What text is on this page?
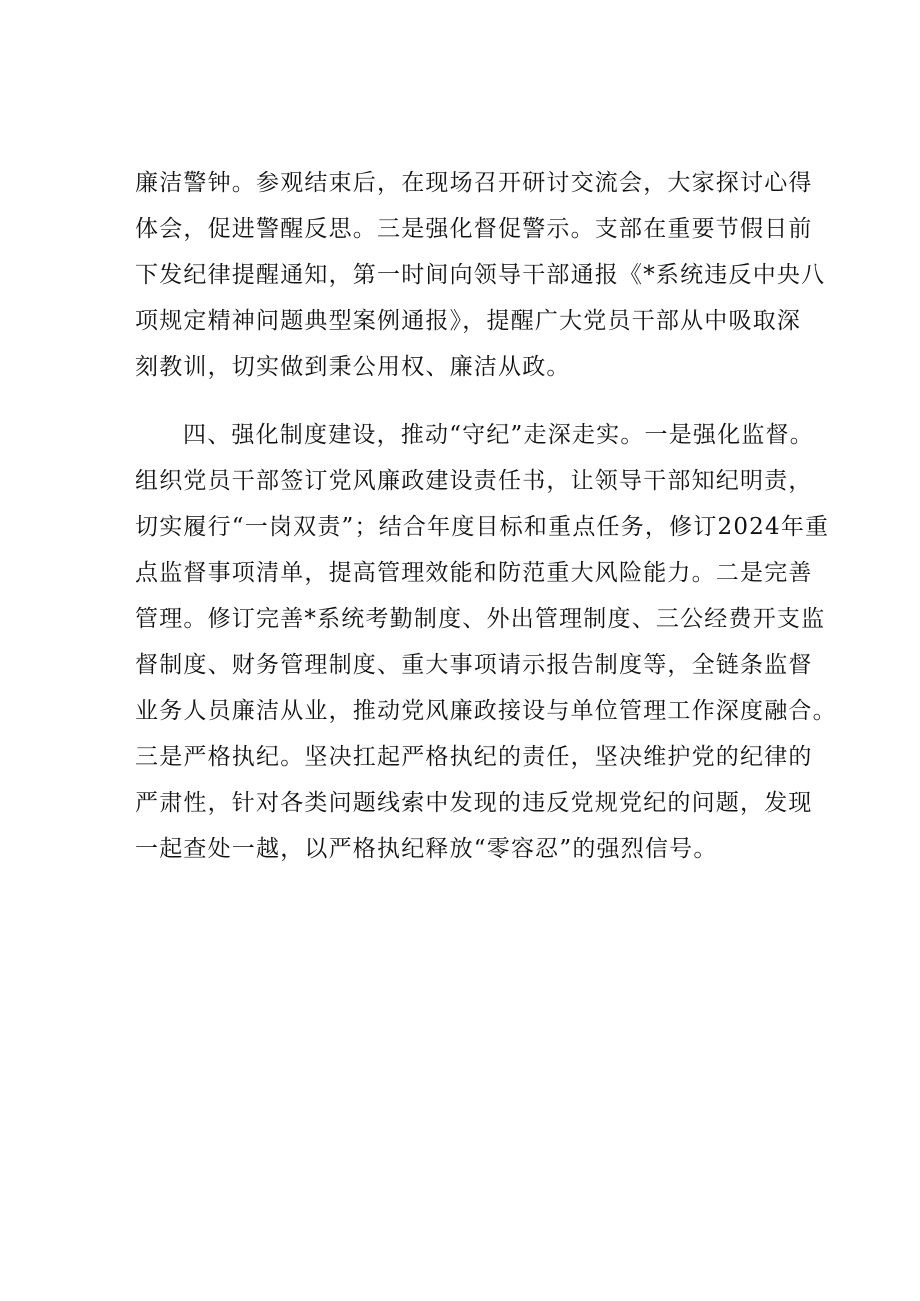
廉洁警钟。参观结束后，在现场召开研讨交流会，大家探讨心得
体会，促进警醒反思。三是强化督促警示。支部在重要节假日前
下发纪律提醒通知，第一时间向领导干部通报《*系统违反中央八
项规定精神问题典型案例通报》，提醒广大党员干部从中吸取深
刻教训，切实做到秉公用权、廉洁从政。
四、强化制度建设，推动“守纪”走深走实。一是强化监督。
组织党员干部签订党风廉政建设责任书，让领导干部知纪明责，
切实履行“一岗双责”；结合年度目标和重点任务，修订2024年重
点监督事项清单，提高管理效能和防范重大风险能力。二是完善
管理。修订完善*系统考勤制度、外出管理制度、三公经费开支监
督制度、财务管理制度、重大事项请示报告制度等，全链条监督
业务人员廉洁从业，推动党风廉政接设与单位管理工作深度融合。
三是严格执纪。坚决扛起严格执纪的责任，坚决维护党的纪律的
严肃性，针对各类问题线索中发现的违反党规党纪的问题，发现
一起查处一越，以严格执纪释放“零容忍”的强烈信号。
